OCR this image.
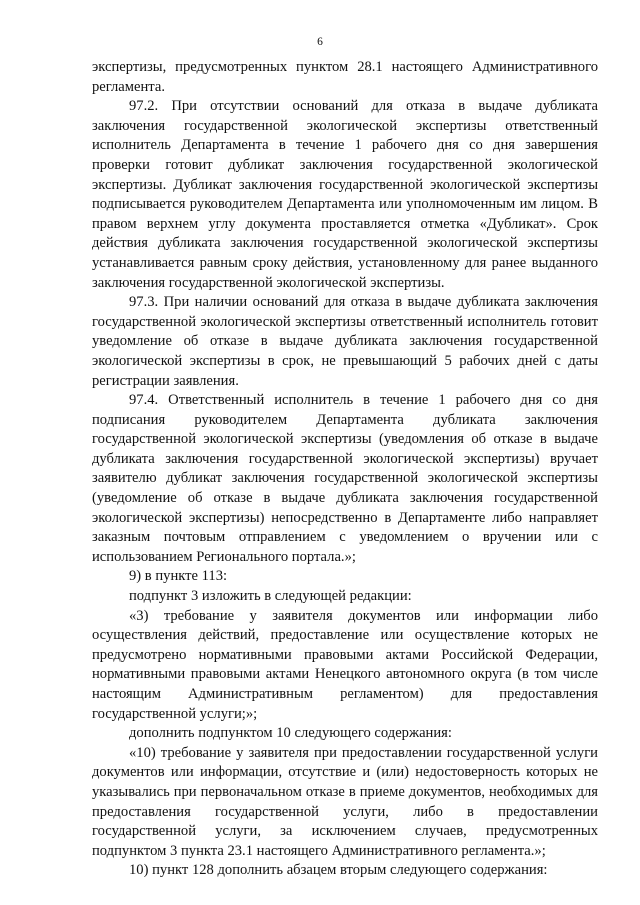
6

экспертизы, предусмотренных пунктом 28.1 настоящего Административного регламента.

97.2. При отсутствии оснований для отказа в выдаче дубликата заключения государственной экологической экспертизы ответственный исполнитель Департамента в течение 1 рабочего дня со дня завершения проверки готовит дубликат заключения государственной экологической экспертизы. Дубликат заключения государственной экологической экспертизы подписывается руководителем Департамента или уполномоченным им лицом. В правом верхнем углу документа проставляется отметка «Дубликат». Срок действия дубликата заключения государственной экологической экспертизы устанавливается равным сроку действия, установленному для ранее выданного заключения государственной экологической экспертизы.

97.3. При наличии оснований для отказа в выдаче дубликата заключения государственной экологической экспертизы ответственный исполнитель готовит уведомление об отказе в выдаче дубликата заключения государственной экологической экспертизы в срок, не превышающий 5 рабочих дней с даты регистрации заявления.

97.4. Ответственный исполнитель в течение 1 рабочего дня со дня подписания руководителем Департамента дубликата заключения государственной экологической экспертизы (уведомления об отказе в выдаче дубликата заключения государственной экологической экспертизы) вручает заявителю дубликат заключения государственной экологической экспертизы (уведомление об отказе в выдаче дубликата заключения государственной экологической экспертизы) непосредственно в Департаменте либо направляет заказным почтовым отправлением с уведомлением о вручении или с использованием Регионального портала.»;

9) в пункте 113:

подпункт 3 изложить в следующей редакции:

«3) требование у заявителя документов или информации либо осуществления действий, предоставление или осуществление которых не предусмотрено нормативными правовыми актами Российской Федерации, нормативными правовыми актами Ненецкого автономного округа (в том числе настоящим Административным регламентом) для предоставления государственной услуги;»;

дополнить подпунктом 10 следующего содержания:

«10) требование у заявителя при предоставлении государственной услуги документов или информации, отсутствие и (или) недостоверность которых не указывались при первоначальном отказе в приеме документов, необходимых для предоставления государственной услуги, либо в предоставлении государственной услуги, за исключением случаев, предусмотренных подпунктом 3 пункта 23.1 настоящего Административного регламента.»;

10) пункт 128 дополнить абзацем вторым следующего содержания:
